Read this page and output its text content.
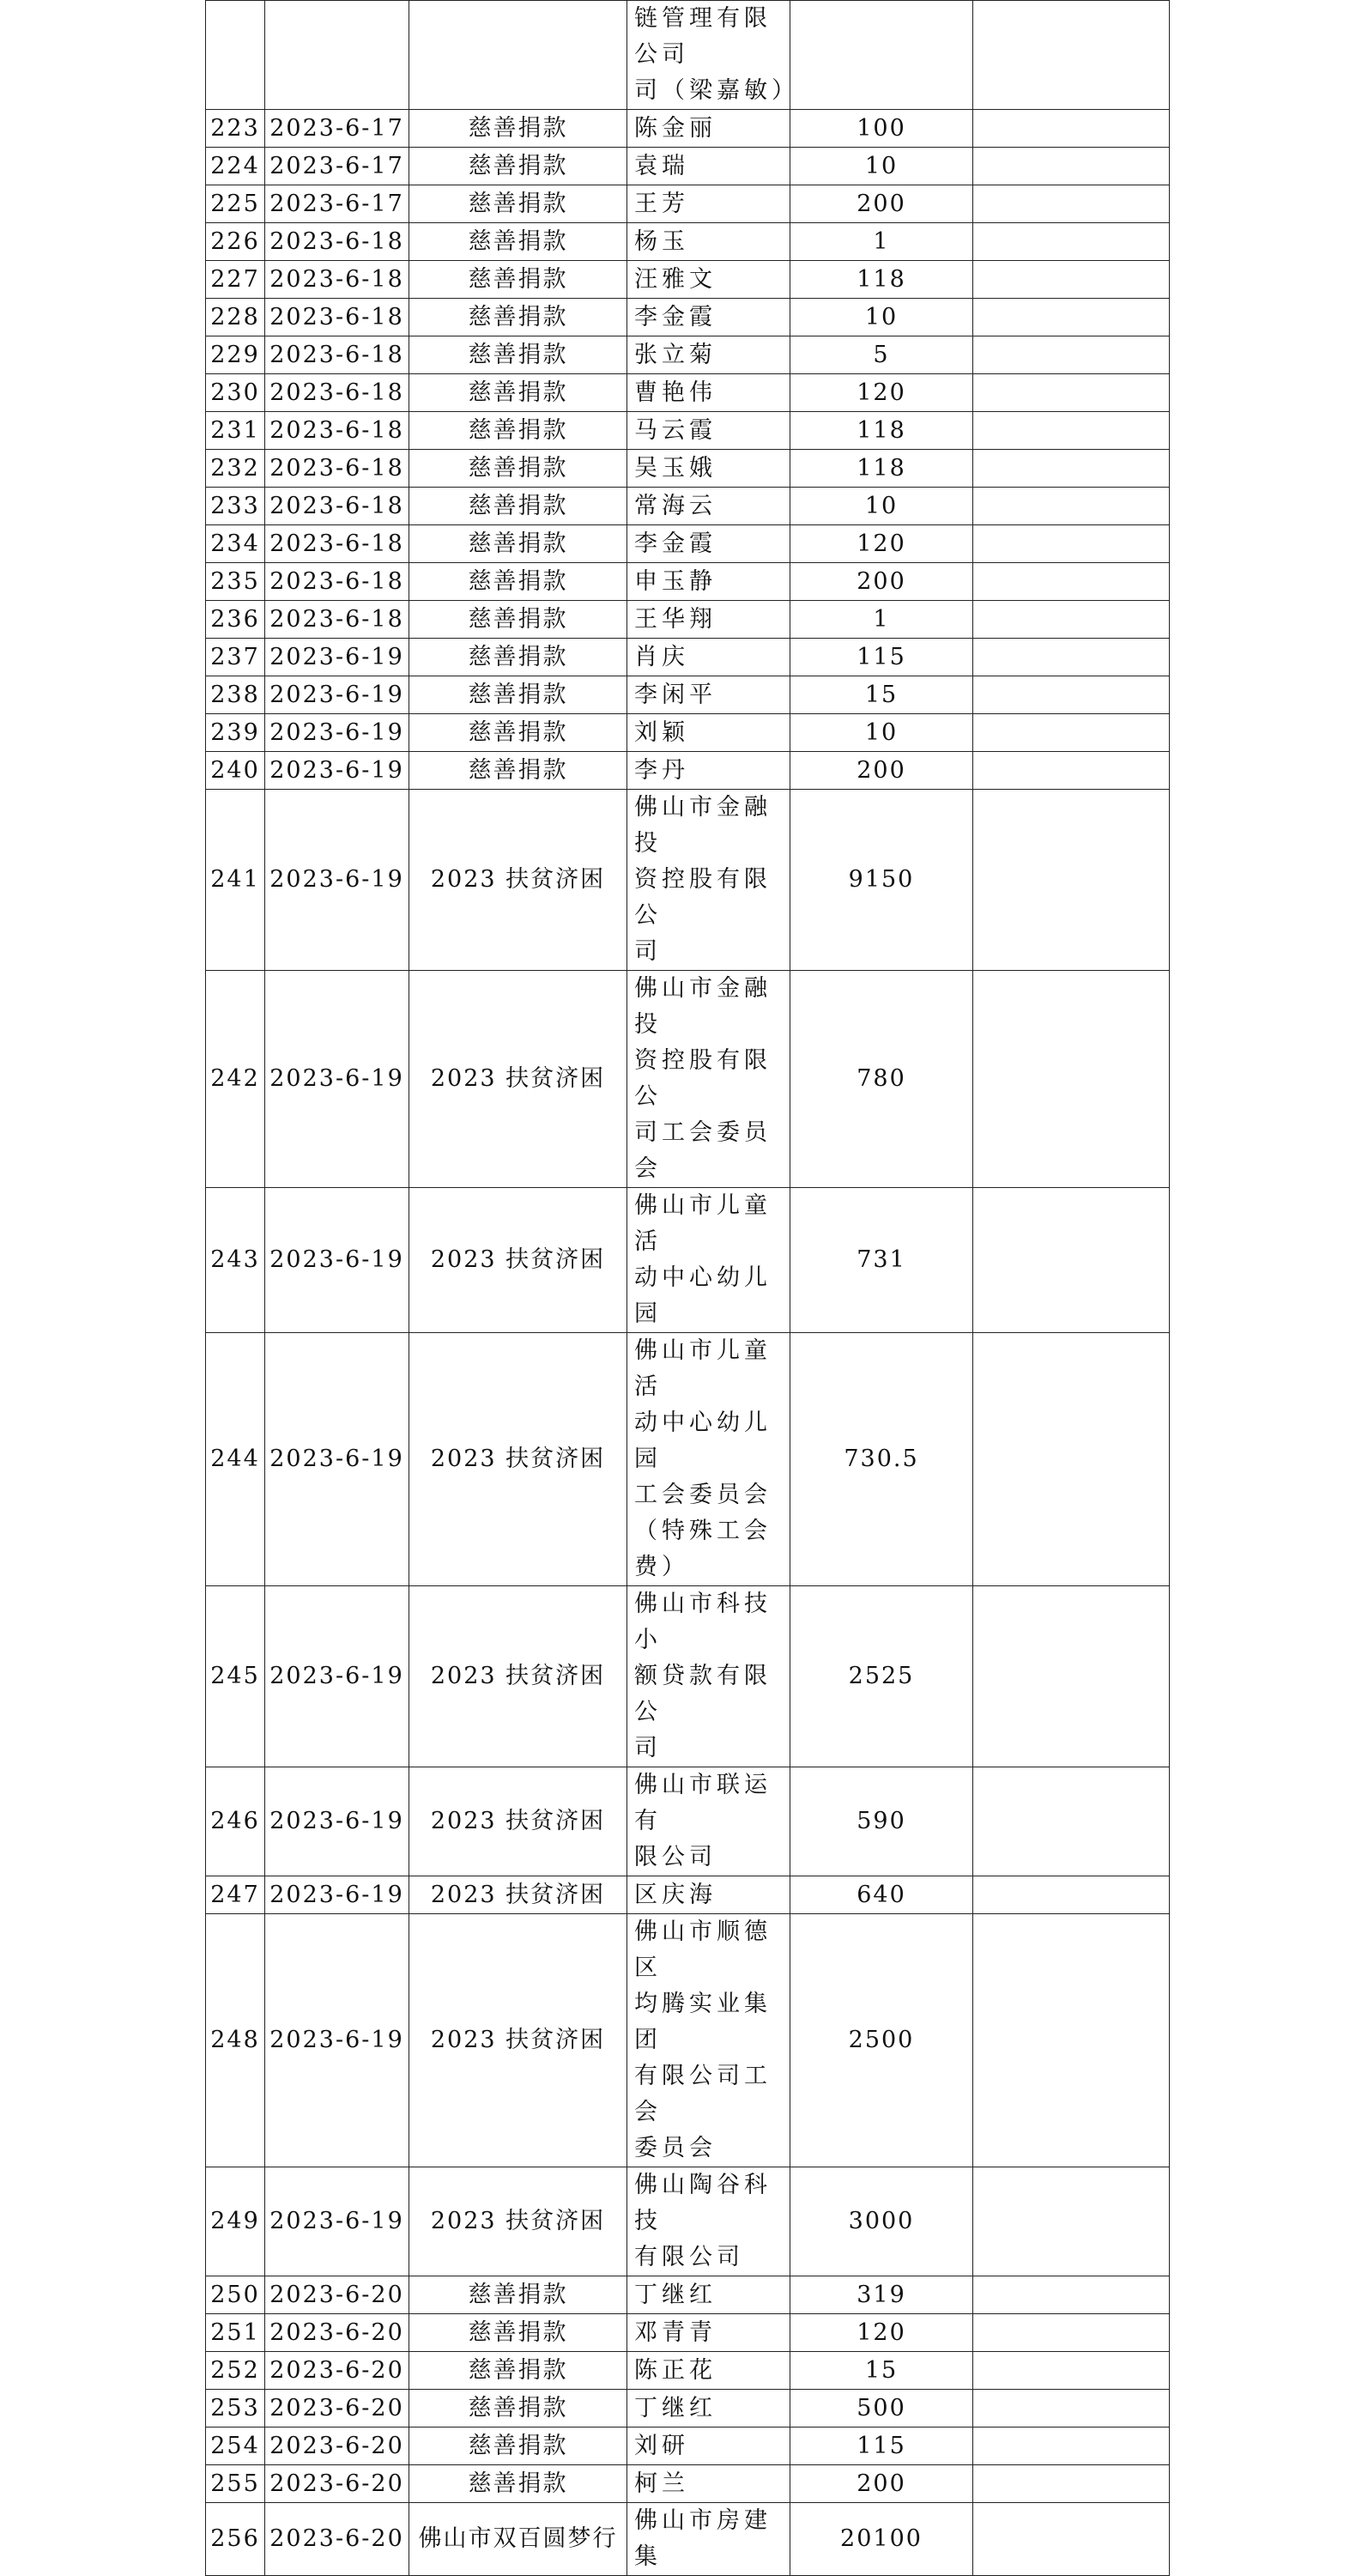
			链管理有限公司
司（梁嘉敏）		
223	2023-6-17	慈善捐款	陈金丽	100	
224	2023-6-17	慈善捐款	袁瑞	10	
225	2023-6-17	慈善捐款	王芳	200	
226	2023-6-18	慈善捐款	杨玉	1	
227	2023-6-18	慈善捐款	汪雅文	118	
228	2023-6-18	慈善捐款	李金霞	10	
229	2023-6-18	慈善捐款	张立菊	5	
230	2023-6-18	慈善捐款	曹艳伟	120	
231	2023-6-18	慈善捐款	马云霞	118	
232	2023-6-18	慈善捐款	吴玉娥	118	
233	2023-6-18	慈善捐款	常海云	10	
234	2023-6-18	慈善捐款	李金霞	120	
235	2023-6-18	慈善捐款	申玉静	200	
236	2023-6-18	慈善捐款	王华翔	1	
237	2023-6-19	慈善捐款	肖庆	115	
238	2023-6-19	慈善捐款	李闲平	15	
239	2023-6-19	慈善捐款	刘颖	10	
240	2023-6-19	慈善捐款	李丹	200	
241	2023-6-19	2023 扶贫济困	佛山市金融投
资控股有限公
司	9150	
242	2023-6-19	2023 扶贫济困	佛山市金融投
资控股有限公
司工会委员会	780	
243	2023-6-19	2023 扶贫济困	佛山市儿童活
动中心幼儿园	731	
244	2023-6-19	2023 扶贫济困	佛山市儿童活
动中心幼儿园
工会委员会
（特殊工会
费）	730.5	
245	2023-6-19	2023 扶贫济困	佛山市科技小
额贷款有限公
司	2525	
246	2023-6-19	2023 扶贫济困	佛山市联运有
限公司	590	
247	2023-6-19	2023 扶贫济困	区庆海	640	
248	2023-6-19	2023 扶贫济困	佛山市顺德区
均腾实业集团
有限公司工会
委员会	2500	
249	2023-6-19	2023 扶贫济困	佛山陶谷科技
有限公司	3000	
250	2023-6-20	慈善捐款	丁继红	319	
251	2023-6-20	慈善捐款	邓青青	120	
252	2023-6-20	慈善捐款	陈正花	15	
253	2023-6-20	慈善捐款	丁继红	500	
254	2023-6-20	慈善捐款	刘研	115	
255	2023-6-20	慈善捐款	柯兰	200	
256	2023-6-20	佛山市双百圆梦行	佛山市房建集	20100	
